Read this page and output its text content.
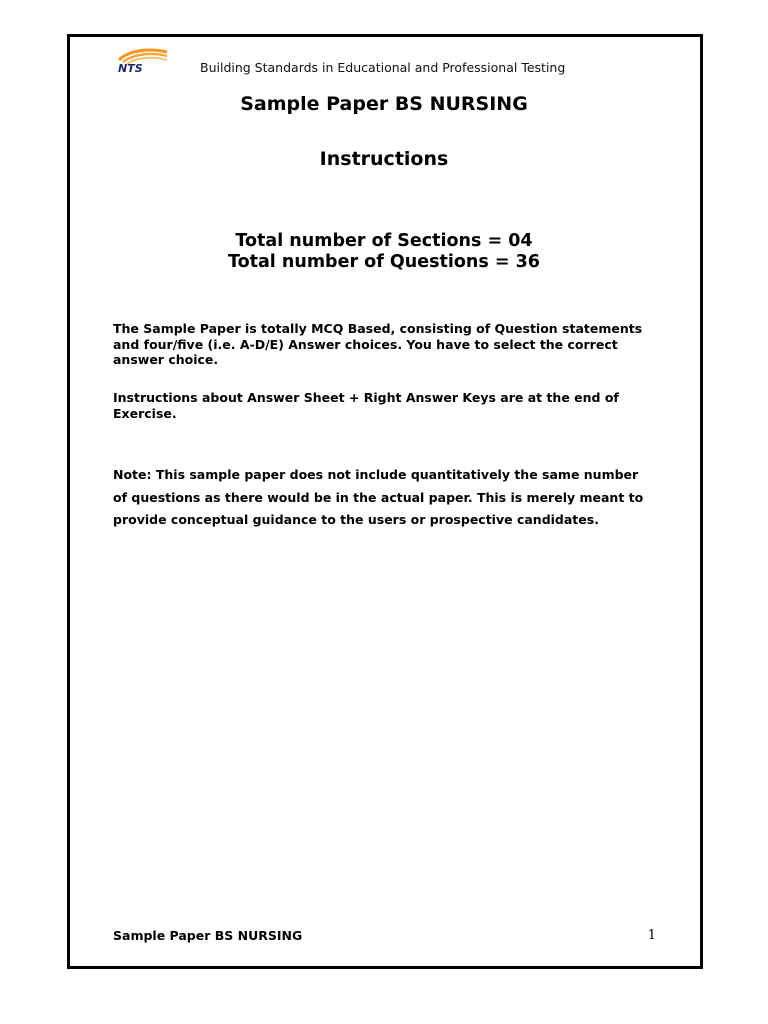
NTS	Building Standards in Educational and Professional Testing
Sample Paper BS NURSING
Instructions
Total number of Sections = 04
Total number of Questions = 36
The Sample Paper is totally MCQ Based, consisting of Question statements and four/five (i.e. A-D/E) Answer choices. You have to select the correct answer choice.
Instructions about Answer Sheet + Right Answer Keys are at the end of Exercise.
Note: This sample paper does not include quantitatively the same number of questions as there would be in the actual paper. This is merely meant to provide conceptual guidance to the users or prospective candidates.
Sample Paper BS NURSING	1
